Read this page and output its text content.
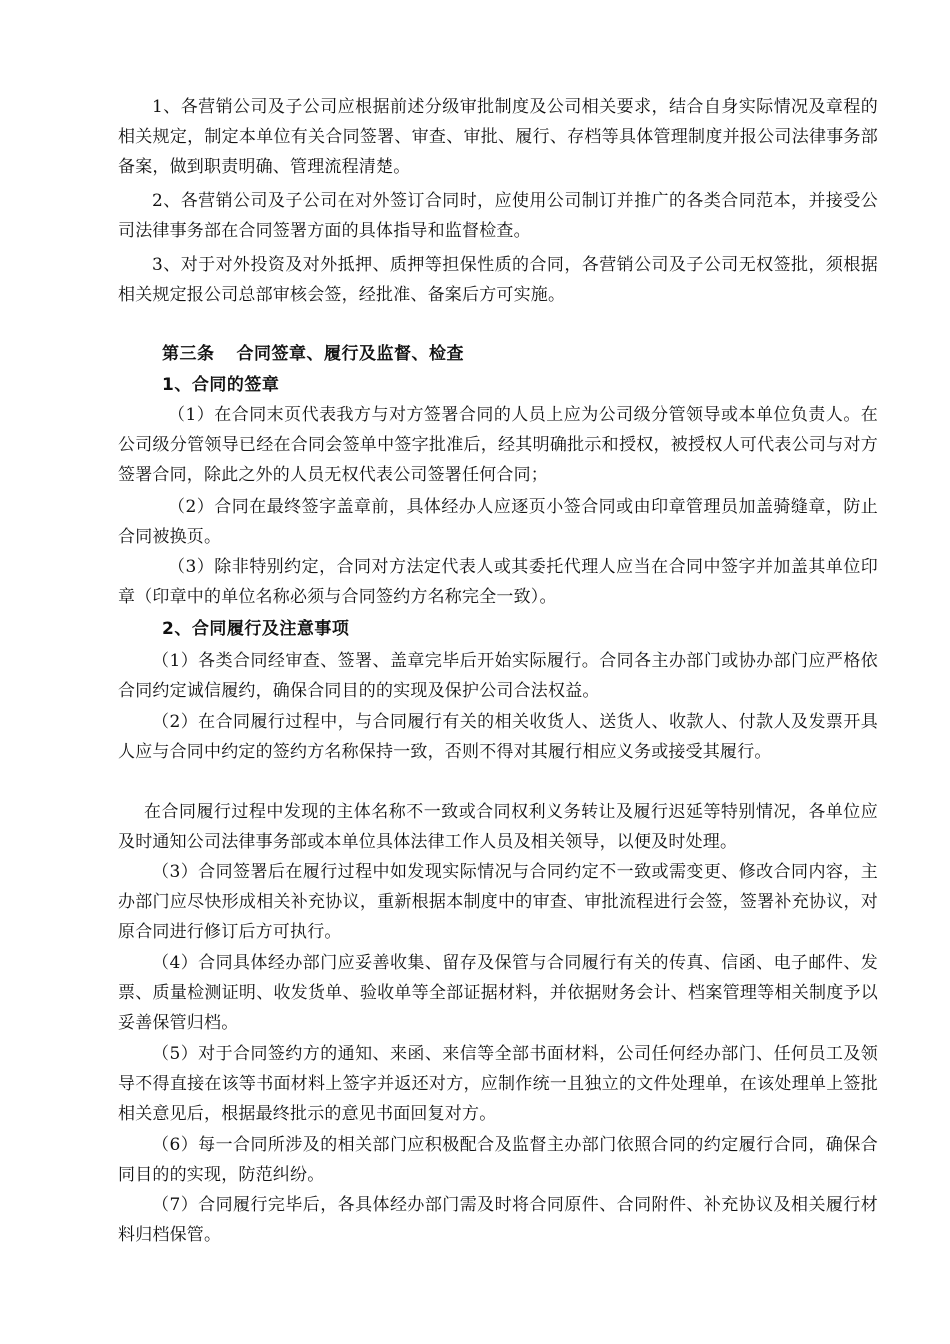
1、各营销公司及子公司应根据前述分级审批制度及公司相关要求，结合自身实际情况及章程的相关规定，制定本单位有关合同签署、审查、审批、履行、存档等具体管理制度并报公司法律事务部备案，做到职责明确、管理流程清楚。

2、各营销公司及子公司在对外签订合同时，应使用公司制订并推广的各类合同范本，并接受公司法律事务部在合同签署方面的具体指导和监督检查。

3、对于对外投资及对外抵押、质押等担保性质的合同，各营销公司及子公司无权签批，须根据相关规定报公司总部审核会签，经批准、备案后方可实施。

第三条 合同签章、履行及监督、检查
1、合同的签章

（1）在合同末页代表我方与对方签署合同的人员上应为公司级分管领导或本单位负责人。在公司级分管领导已经在合同会签单中签字批准后，经其明确批示和授权，被授权人可代表公司与对方签署合同，除此之外的人员无权代表公司签署任何合同；

（2）合同在最终签字盖章前，具体经办人应逐页小签合同或由印章管理员加盖骑缝章，防止合同被换页。

（3）除非特别约定，合同对方法定代表人或其委托代理人应当在合同中签字并加盖其单位印章（印章中的单位名称必须与合同签约方名称完全一致）。

2、合同履行及注意事项

（1）各类合同经审查、签署、盖章完毕后开始实际履行。合同各主办部门或协办部门应严格依合同约定诚信履约，确保合同目的的实现及保护公司合法权益。

（2）在合同履行过程中，与合同履行有关的相关收货人、送货人、收款人、付款人及发票开具人应与合同中约定的签约方名称保持一致，否则不得对其履行相应义务或接受其履行。

在合同履行过程中发现的主体名称不一致或合同权利义务转让及履行迟延等特别情况，各单位应及时通知公司法律事务部或本单位具体法律工作人员及相关领导，以便及时处理。

（3）合同签署后在履行过程中如发现实际情况与合同约定不一致或需变更、修改合同内容，主办部门应尽快形成相关补充协议，重新根据本制度中的审查、审批流程进行会签，签署补充协议，对原合同进行修订后方可执行。

（4）合同具体经办部门应妥善收集、留存及保管与合同履行有关的传真、信函、电子邮件、发票、质量检测证明、收发货单、验收单等全部证据材料，并依据财务会计、档案管理等相关制度予以妥善保管归档。

（5）对于合同签约方的通知、来函、来信等全部书面材料，公司任何经办部门、任何员工及领导不得直接在该等书面材料上签字并返还对方，应制作统一且独立的文件处理单，在该处理单上签批相关意见后，根据最终批示的意见书面回复对方。

（6）每一合同所涉及的相关部门应积极配合及监督主办部门依照合同的约定履行合同，确保合同目的的实现，防范纠纷。

（7）合同履行完毕后，各具体经办部门需及时将合同原件、合同附件、补充协议及相关履行材料归档保管。
